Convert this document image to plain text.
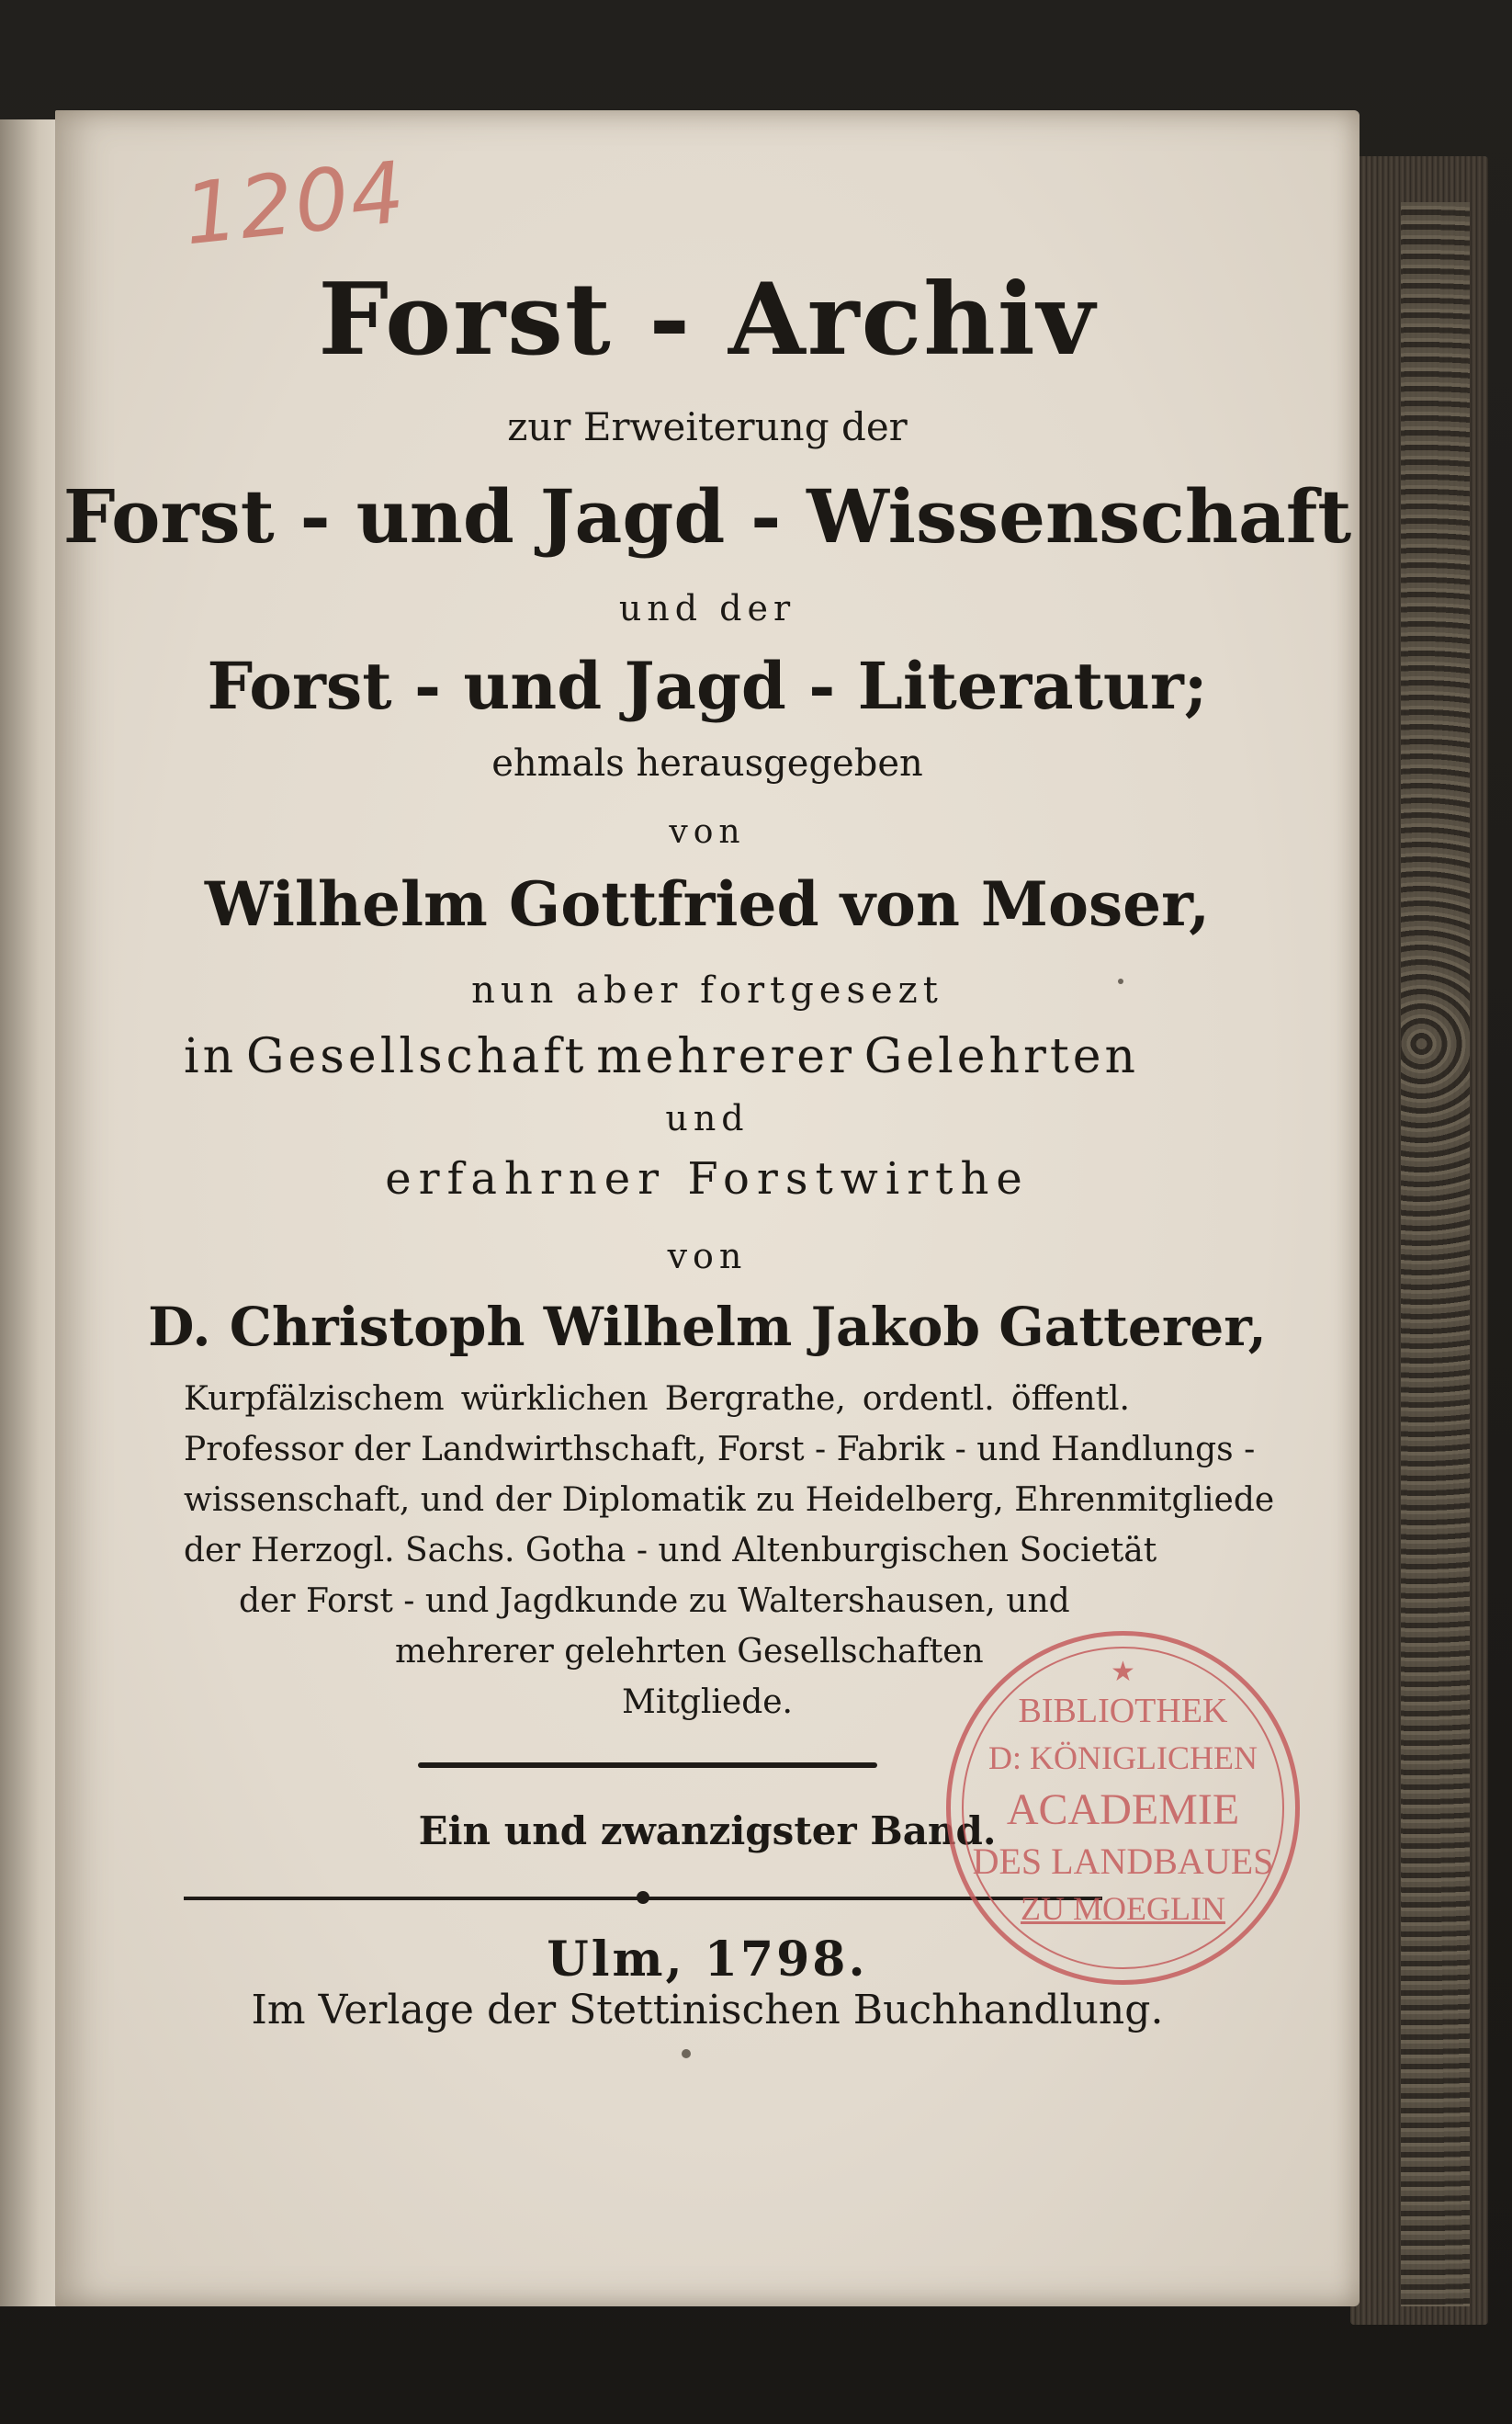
1204
Forst - Archiv
zur Erweiterung der
Forst - und Jagd - Wissenschaft
und der
Forst - und Jagd - Literatur;
ehmals herausgegeben
von
Wilhelm Gottfried von Moser,
nun aber fortgesezt
in Gesellschaft mehrerer Gelehrten
und
erfahrner Forstwirthe
von
D. Christoph Wilhelm Jakob Gatterer,
Kurpfälzischem würklichen Bergrathe, ordentl. öffentl.
Professor der Landwirthschaft, Forst - Fabrik - und Handlungs -
wissenschaft, und der Diplomatik zu Heidelberg, Ehrenmitgliede
der Herzogl. Sachs. Gotha - und Altenburgischen Societät
der Forst - und Jagdkunde zu Waltershausen, und
mehrerer gelehrten Gesellschaften
Mitgliede.
Ein und zwanzigster Band.
Ulm, 1798.
Im Verlage der Stettinischen Buchhandlung.
★
BIBLIOTHEK
D: KÖNIGLICHEN
ACADEMIE
DES LANDBAUES
ZU MOEGLIN
